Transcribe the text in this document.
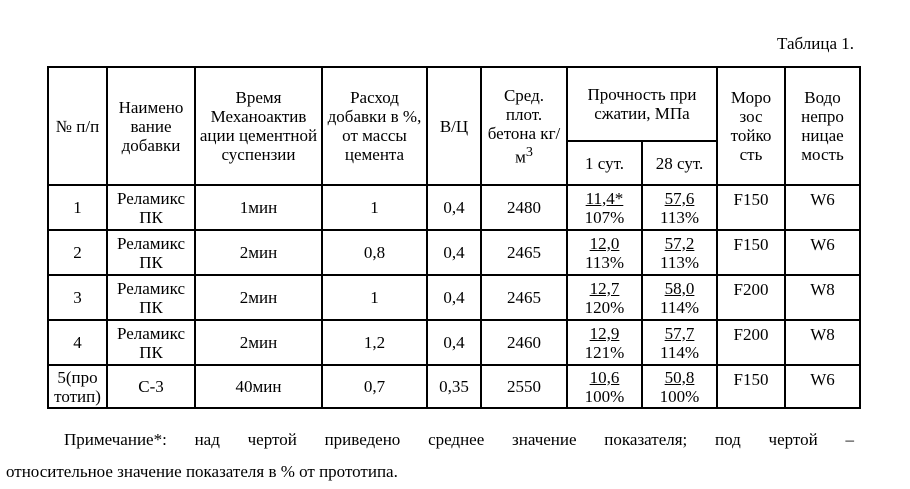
Таблица 1.
№ п/п	Наимено вание добавки	Время Механоактив ации цементной суспензии	Расход добавки в %, от массы цемента	В/Ц	Сред. плот. бетона $кг/м^3$	Прочность при сжатии, МПа		Моро зос тойко сть	Водо непро ницае мость
						1 сут.	28 сут.		
1	Реламикс ПК	1мин	1	0,4	2480	$\frac{11,4*}{107\%}$	$\frac{57,6}{113\%}$	F150	W6
2	Реламикс ПК	2мин	0,8	0,4	2465	$\frac{12,0}{113\%}$	$\frac{57,2}{113\%}$	F150	W6
3	Реламикс ПК	2мин	1	0,4	2465	$\frac{12,7}{120\%}$	$\frac{58,0}{114\%}$	F200	W8
4	Реламикс ПК	2мин	1,2	0,4	2460	$\frac{12,9}{121\%}$	$\frac{57,7}{114\%}$	F200	W8
5(про тотип)	С-3	40мин	0,7	0,35	2550	$\frac{10,6}{100\%}$	$\frac{50,8}{100\%}$	F150	W6
Примечание*: над чертой приведено среднее значение показателя; под чертой –
относительное значение показателя в % от прототипа.
